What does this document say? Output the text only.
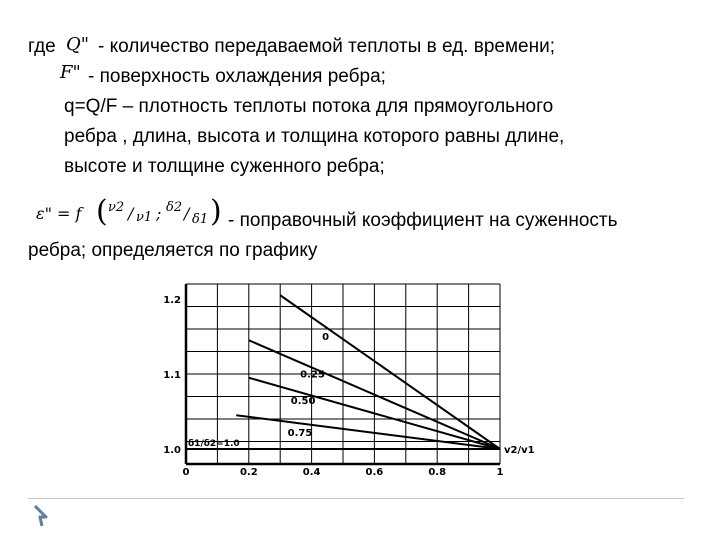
где Q" - количество передаваемой теплоты в ед. времени;
F" - поверхность охлаждения ребра;
q=Q/F – плотность теплоты потока для прямоугольного
ребра , длина, высота и толщина которого равны длине,
высоте и толщине суженного ребра;
ε" = f ( ν2 / ν1 ; δ2 / δ1 ) - поправочный коэффициент на суженность
ребра; определяется по графику
0	0.2	0.4	0.6	0.8	1
1.0
1.1
1.2
0
0.25
0.50
0.75
δ1/δ2=1.0
v2/v1
